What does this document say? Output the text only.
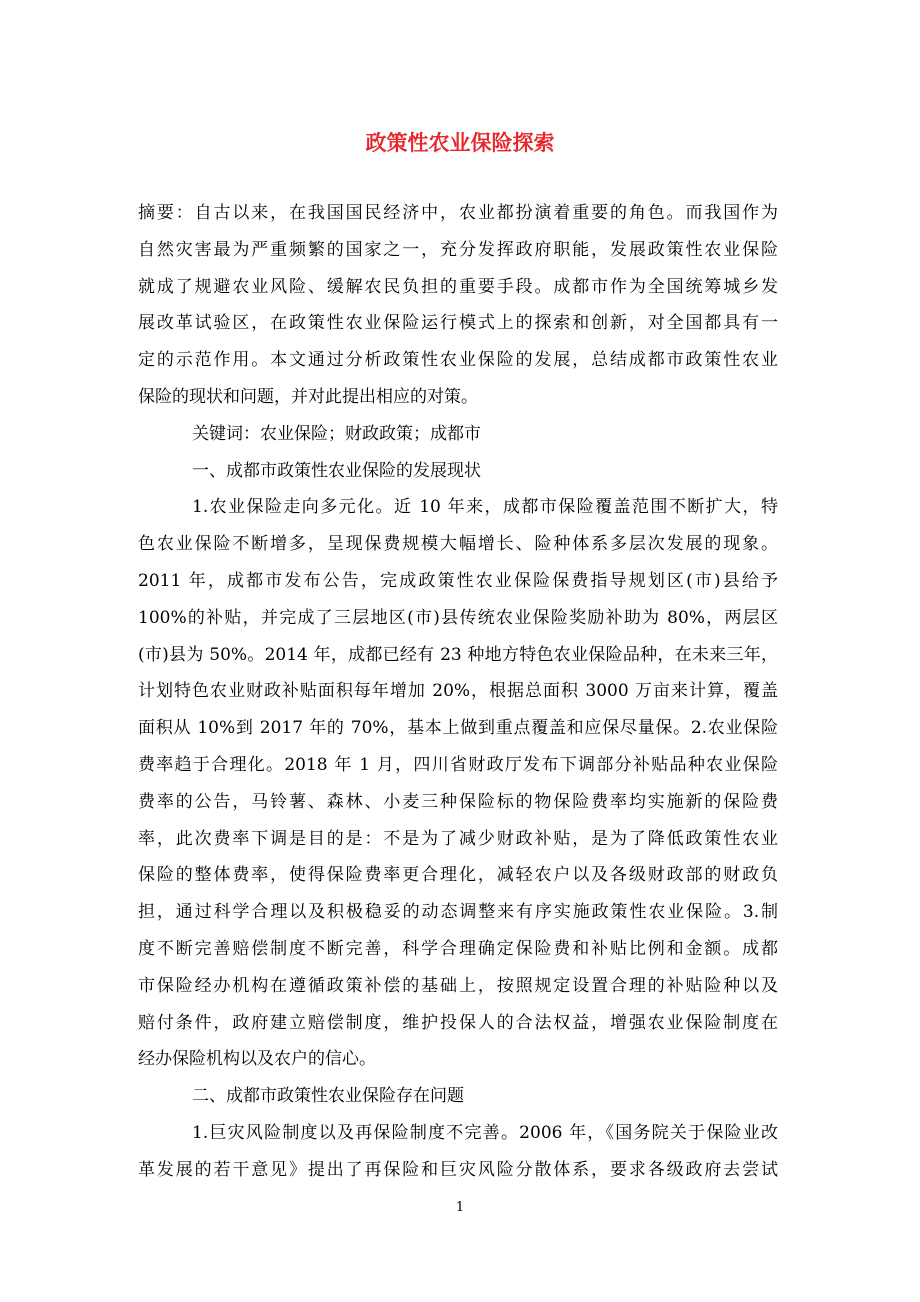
政策性农业保险探索
摘要：自古以来，在我国国民经济中，农业都扮演着重要的角色。而我国作为
自然灾害最为严重频繁的国家之一，充分发挥政府职能，发展政策性农业保险
就成了规避农业风险、缓解农民负担的重要手段。成都市作为全国统筹城乡发
展改革试验区，在政策性农业保险运行模式上的探索和创新，对全国都具有一
定的示范作用。本文通过分析政策性农业保险的发展，总结成都市政策性农业
保险的现状和问题，并对此提出相应的对策。
关键词：农业保险；财政政策；成都市
一、成都市政策性农业保险的发展现状
1.农业保险走向多元化。近 10 年来，成都市保险覆盖范围不断扩大，特
色农业保险不断增多，呈现保费规模大幅增长、险种体系多层次发展的现象。
2011 年，成都市发布公告，完成政策性农业保险保费指导规划区(市)县给予
100%的补贴，并完成了三层地区(市)县传统农业保险奖励补助为 80%，两层区
(市)县为 50%。2014 年，成都已经有 23 种地方特色农业保险品种，在未来三年，
计划特色农业财政补贴面积每年增加 20%，根据总面积 3000 万亩来计算，覆盖
面积从 10%到 2017 年的 70%，基本上做到重点覆盖和应保尽量保。2.农业保险
费率趋于合理化。2018 年 1 月，四川省财政厅发布下调部分补贴品种农业保险
费率的公告，马铃薯、森林、小麦三种保险标的物保险费率均实施新的保险费
率，此次费率下调是目的是：不是为了减少财政补贴，是为了降低政策性农业
保险的整体费率，使得保险费率更合理化，减轻农户以及各级财政部的财政负
担，通过科学合理以及积极稳妥的动态调整来有序实施政策性农业保险。3.制
度不断完善赔偿制度不断完善，科学合理确定保险费和补贴比例和金额。成都
市保险经办机构在遵循政策补偿的基础上，按照规定设置合理的补贴险种以及
赔付条件，政府建立赔偿制度，维护投保人的合法权益，增强农业保险制度在
经办保险机构以及农户的信心。
二、成都市政策性农业保险存在问题
1.巨灾风险制度以及再保险制度不完善。2006 年，《国务院关于保险业改
革发展的若干意见》提出了再保险和巨灾风险分散体系，要求各级政府去尝试
1
